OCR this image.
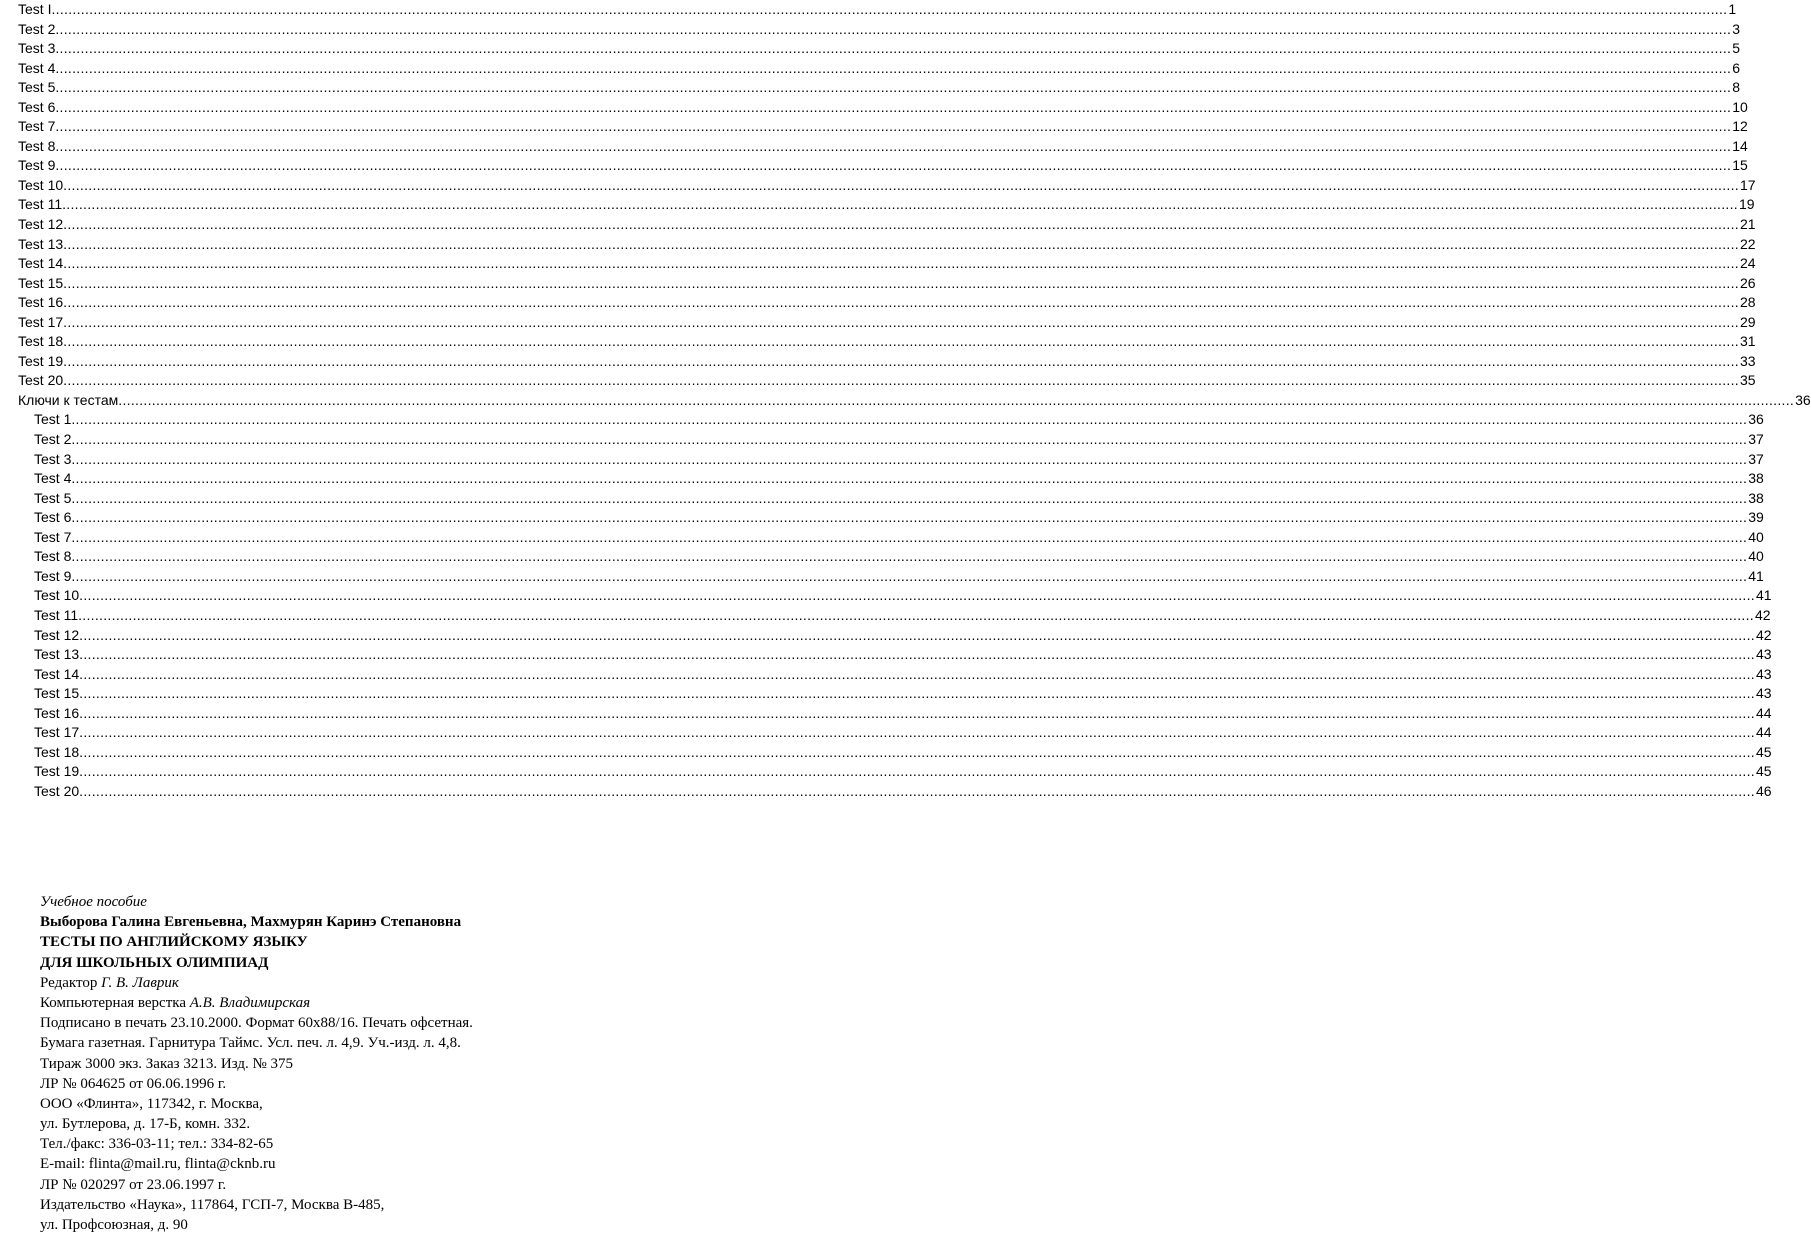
Test I ................................................................................................................................................................................................................................................................................................................................................................................................................ 1
Test 2 ................................................................................................................................................................................................................................................................................................................................................................................................................ 3
Test 3 ................................................................................................................................................................................................................................................................................................................................................................................................................ 5
Test 4 ................................................................................................................................................................................................................................................................................................................................................................................................................ 6
Test 5 ................................................................................................................................................................................................................................................................................................................................................................................................................ 8
Test 6 ................................................................................................................................................................................................................................................................................................................................................................................................................ 10
Test 7 ................................................................................................................................................................................................................................................................................................................................................................................................................ 12
Test 8 ................................................................................................................................................................................................................................................................................................................................................................................................................ 14
Test 9 ................................................................................................................................................................................................................................................................................................................................................................................................................ 15
Test 10 ................................................................................................................................................................................................................................................................................................................................................................................................................ 17
Test 11 ................................................................................................................................................................................................................................................................................................................................................................................................................ 19
Test 12 ................................................................................................................................................................................................................................................................................................................................................................................................................ 21
Test 13 ................................................................................................................................................................................................................................................................................................................................................................................................................ 22
Test 14 ................................................................................................................................................................................................................................................................................................................................................................................................................ 24
Test 15 ................................................................................................................................................................................................................................................................................................................................................................................................................ 26
Test 16 ................................................................................................................................................................................................................................................................................................................................................................................................................ 28
Test 17 ................................................................................................................................................................................................................................................................................................................................................................................................................ 29
Test 18 ................................................................................................................................................................................................................................................................................................................................................................................................................ 31
Test 19 ................................................................................................................................................................................................................................................................................................................................................................................................................ 33
Test 20 ................................................................................................................................................................................................................................................................................................................................................................................................................ 35
Ключи к тестам ................................................................................................................................................................................................................................................................................................................................................................................................................ 36
Test 1 ................................................................................................................................................................................................................................................................................................................................................................................................................ 36
Test 2 ................................................................................................................................................................................................................................................................................................................................................................................................................ 37
Test 3 ................................................................................................................................................................................................................................................................................................................................................................................................................ 37
Test 4 ................................................................................................................................................................................................................................................................................................................................................................................................................ 38
Test 5 ................................................................................................................................................................................................................................................................................................................................................................................................................ 38
Test 6 ................................................................................................................................................................................................................................................................................................................................................................................................................ 39
Test 7 ................................................................................................................................................................................................................................................................................................................................................................................................................ 40
Test 8 ................................................................................................................................................................................................................................................................................................................................................................................................................ 40
Test 9 ................................................................................................................................................................................................................................................................................................................................................................................................................ 41
Test 10 ................................................................................................................................................................................................................................................................................................................................................................................................................ 41
Test 11 ................................................................................................................................................................................................................................................................................................................................................................................................................ 42
Test 12 ................................................................................................................................................................................................................................................................................................................................................................................................................ 42
Test 13 ................................................................................................................................................................................................................................................................................................................................................................................................................ 43
Test 14 ................................................................................................................................................................................................................................................................................................................................................................................................................ 43
Test 15 ................................................................................................................................................................................................................................................................................................................................................................................................................ 43
Test 16 ................................................................................................................................................................................................................................................................................................................................................................................................................ 44
Test 17 ................................................................................................................................................................................................................................................................................................................................................................................................................ 44
Test 18 ................................................................................................................................................................................................................................................................................................................................................................................................................ 45
Test 19 ................................................................................................................................................................................................................................................................................................................................................................................................................ 45
Test 20 ................................................................................................................................................................................................................................................................................................................................................................................................................ 46
Учебное пособие
Выборова Галина Евгеньевна, Махмурян Каринэ Степановна
ТЕСТЫ ПО АНГЛИЙСКОМУ ЯЗЫКУ
ДЛЯ ШКОЛЬНЫХ ОЛИМПИАД
Редактор Г. В. Лаврик
Компьютерная верстка А.В. Владимирская
Подписано в печать 23.10.2000. Формат 60x88/16. Печать офсетная.
Бумага газетная. Гарнитура Таймс. Усл. печ. л. 4,9. Уч.-изд. л. 4,8.
Тираж 3000 экз. Заказ 3213. Изд. № 375
ЛР № 064625 от 06.06.1996 г.
ООО «Флинта», 117342, г. Москва,
ул. Бутлерова, д. 17-Б, комн. 332.
Тел./факс: 336-03-11; тел.: 334-82-65
E-mail: flinta@mail.ru, flinta@cknb.ru
ЛР № 020297 от 23.06.1997 г.
Издательство «Наука», 117864, ГСП-7, Москва В-485,
ул. Профсоюзная, д. 90
